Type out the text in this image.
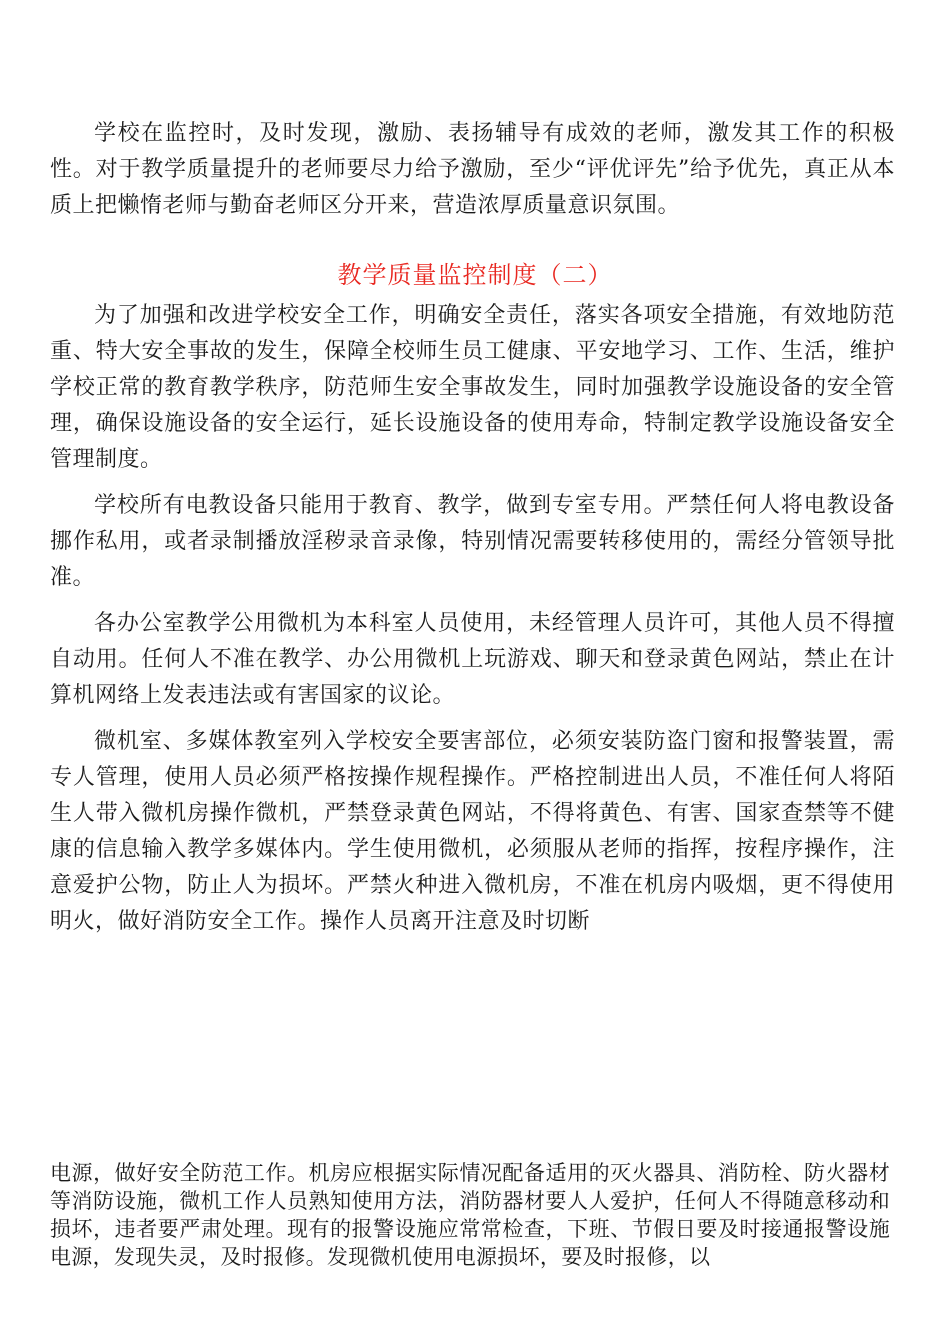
学校在监控时，及时发现，激励、表扬辅导有成效的老师，激发其工作的积极性。对于教学质量提升的老师要尽力给予激励，至少“评优评先”给予优先，真正从本质上把懒惰老师与勤奋老师区分开来，营造浓厚质量意识氛围。

教学质量监控制度（二）

为了加强和改进学校安全工作，明确安全责任，落实各项安全措施，有效地防范重、特大安全事故的发生，保障全校师生员工健康、平安地学习、工作、生活，维护学校正常的教育教学秩序，防范师生安全事故发生，同时加强教学设施设备的安全管理，确保设施设备的安全运行，延长设施设备的使用寿命，特制定教学设施设备安全管理制度。

学校所有电教设备只能用于教育、教学，做到专室专用。严禁任何人将电教设备挪作私用，或者录制播放淫秽录音录像，特别情况需要转移使用的，需经分管领导批准。

各办公室教学公用微机为本科室人员使用，未经管理人员许可，其他人员不得擅自动用。任何人不准在教学、办公用微机上玩游戏、聊天和登录黄色网站，禁止在计算机网络上发表违法或有害国家的议论。

微机室、多媒体教室列入学校安全要害部位，必须安装防盗门窗和报警装置，需专人管理，使用人员必须严格按操作规程操作。严格控制进出人员，不准任何人将陌生人带入微机房操作微机，严禁登录黄色网站，不得将黄色、有害、国家查禁等不健康的信息输入教学多媒体内。学生使用微机，必须服从老师的指挥，按程序操作，注意爱护公物，防止人为损坏。严禁火种进入微机房，不准在机房内吸烟，更不得使用明火，做好消防安全工作。操作人员离开注意及时切断

电源，做好安全防范工作。机房应根据实际情况配备适用的灭火器具、消防栓、防火器材等消防设施，微机工作人员熟知使用方法，消防器材要人人爱护，任何人不得随意移动和损坏，违者要严肃处理。现有的报警设施应常常检查，下班、节假日要及时接通报警设施电源，发现失灵，及时报修。发现微机使用电源损坏，要及时报修，以
